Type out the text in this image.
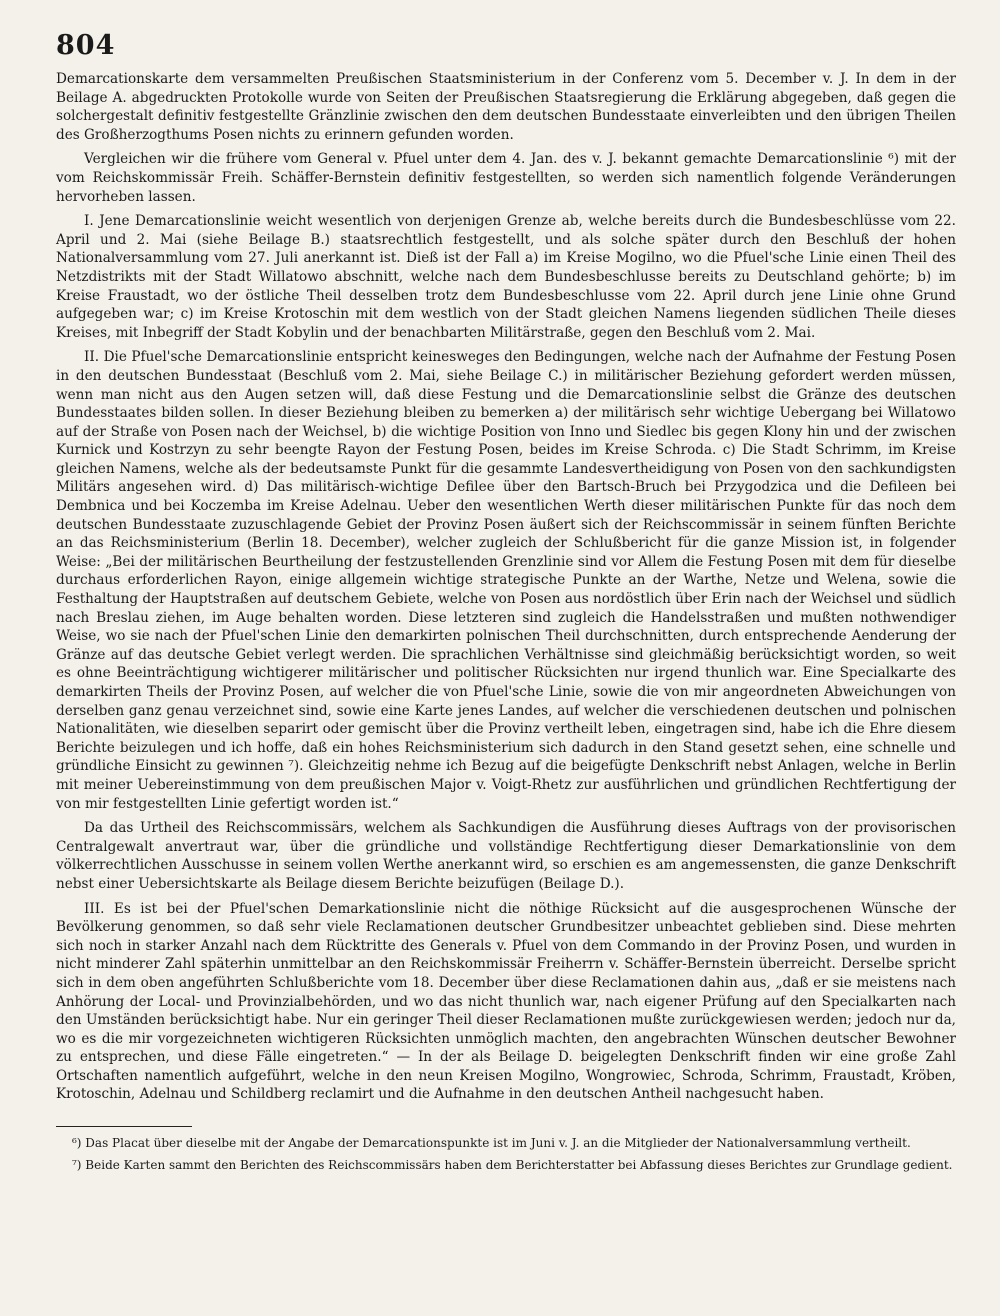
804

Demarcationskarte dem versammelten Preußischen Staatsministerium in der Conferenz vom 5. December v. J. In dem in der Beilage A. abgedruckten Protokolle wurde von Seiten der Preußischen Staatsregierung die Erklärung abgegeben, daß gegen die solchergestalt definitiv festgestellte Gränzlinie zwischen den dem deutschen Bundesstaate einverleibten und den übrigen Theilen des Großherzogthums Posen nichts zu erinnern gefunden worden.

Vergleichen wir die frühere vom General v. Pfuel unter dem 4. Jan. des v. J. bekannt gemachte Demarcationslinie ⁶) mit der vom Reichskommissär Freih. Schäffer-Bernstein definitiv festgestellten, so werden sich namentlich folgende Veränderungen hervorheben lassen.

I. Jene Demarcationslinie weicht wesentlich von derjenigen Grenze ab, welche bereits durch die Bundesbeschlüsse vom 22. April und 2. Mai (siehe Beilage B.) staatsrechtlich festgestellt, und als solche später durch den Beschluß der hohen Nationalversammlung vom 27. Juli anerkannt ist. Dieß ist der Fall a) im Kreise Mogilno, wo die Pfuel'sche Linie einen Theil des Netzdistrikts mit der Stadt Willatowo abschnitt, welche nach dem Bundesbeschlusse bereits zu Deutschland gehörte; b) im Kreise Fraustadt, wo der östliche Theil desselben trotz dem Bundesbeschlusse vom 22. April durch jene Linie ohne Grund aufgegeben war; c) im Kreise Krotoschin mit dem westlich von der Stadt gleichen Namens liegenden südlichen Theile dieses Kreises, mit Inbegriff der Stadt Kobylin und der benachbarten Militärstraße, gegen den Beschluß vom 2. Mai.

II. Die Pfuel'sche Demarcationslinie entspricht keinesweges den Bedingungen, welche nach der Aufnahme der Festung Posen in den deutschen Bundesstaat (Beschluß vom 2. Mai, siehe Beilage C.) in militärischer Beziehung gefordert werden müssen, wenn man nicht aus den Augen setzen will, daß diese Festung und die Demarcationslinie selbst die Gränze des deutschen Bundesstaates bilden sollen. In dieser Beziehung bleiben zu bemerken a) der militärisch sehr wichtige Uebergang bei Willatowo auf der Straße von Posen nach der Weichsel, b) die wichtige Position von Inno und Siedlec bis gegen Klony hin und der zwischen Kurnick und Kostrzyn zu sehr beengte Rayon der Festung Posen, beides im Kreise Schroda. c) Die Stadt Schrimm, im Kreise gleichen Namens, welche als der bedeutsamste Punkt für die gesammte Landesvertheidigung von Posen von den sachkundigsten Militärs angesehen wird. d) Das militärisch-wichtige Defilee über den Bartsch-Bruch bei Przygodzica und die Defileen bei Dembnica und bei Koczemba im Kreise Adelnau. Ueber den wesentlichen Werth dieser militärischen Punkte für das noch dem deutschen Bundesstaate zuzuschlagende Gebiet der Provinz Posen äußert sich der Reichscommissär in seinem fünften Berichte an das Reichsministerium (Berlin 18. December), welcher zugleich der Schlußbericht für die ganze Mission ist, in folgender Weise: „Bei der militärischen Beurtheilung der festzustellenden Grenzlinie sind vor Allem die Festung Posen mit dem für dieselbe durchaus erforderlichen Rayon, einige allgemein wichtige strategische Punkte an der Warthe, Netze und Welena, sowie die Festhaltung der Hauptstraßen auf deutschem Gebiete, welche von Posen aus nordöstlich über Erin nach der Weichsel und südlich nach Breslau ziehen, im Auge behalten worden. Diese letzteren sind zugleich die Handelsstraßen und mußten nothwendiger Weise, wo sie nach der Pfuel'schen Linie den demarkirten polnischen Theil durchschnitten, durch entsprechende Aenderung der Gränze auf das deutsche Gebiet verlegt werden. Die sprachlichen Verhältnisse sind gleichmäßig berücksichtigt worden, so weit es ohne Beeinträchtigung wichtigerer militärischer und politischer Rücksichten nur irgend thunlich war. Eine Specialkarte des demarkirten Theils der Provinz Posen, auf welcher die von Pfuel'sche Linie, sowie die von mir angeordneten Abweichungen von derselben ganz genau verzeichnet sind, sowie eine Karte jenes Landes, auf welcher die verschiedenen deutschen und polnischen Nationalitäten, wie dieselben separirt oder gemischt über die Provinz vertheilt leben, eingetragen sind, habe ich die Ehre diesem Berichte beizulegen und ich hoffe, daß ein hohes Reichsministerium sich dadurch in den Stand gesetzt sehen, eine schnelle und gründliche Einsicht zu gewinnen ⁷). Gleichzeitig nehme ich Bezug auf die beigefügte Denkschrift nebst Anlagen, welche in Berlin mit meiner Uebereinstimmung von dem preußischen Major v. Voigt-Rhetz zur ausführlichen und gründlichen Rechtfertigung der von mir festgestellten Linie gefertigt worden ist.“

Da das Urtheil des Reichscommissärs, welchem als Sachkundigen die Ausführung dieses Auftrags von der provisorischen Centralgewalt anvertraut war, über die gründliche und vollständige Rechtfertigung dieser Demarkationslinie von dem völkerrechtlichen Ausschusse in seinem vollen Werthe anerkannt wird, so erschien es am angemessensten, die ganze Denkschrift nebst einer Uebersichtskarte als Beilage diesem Berichte beizufügen (Beilage D.).

III. Es ist bei der Pfuel'schen Demarkationslinie nicht die nöthige Rücksicht auf die ausgesprochenen Wünsche der Bevölkerung genommen, so daß sehr viele Reclamationen deutscher Grundbesitzer unbeachtet geblieben sind. Diese mehrten sich noch in starker Anzahl nach dem Rücktritte des Generals v. Pfuel von dem Commando in der Provinz Posen, und wurden in nicht minderer Zahl späterhin unmittelbar an den Reichskommissär Freiherrn v. Schäffer-Bernstein überreicht. Derselbe spricht sich in dem oben angeführten Schlußberichte vom 18. December über diese Reclamationen dahin aus, „daß er sie meistens nach Anhörung der Local- und Provinzialbehörden, und wo das nicht thunlich war, nach eigener Prüfung auf den Specialkarten nach den Umständen berücksichtigt habe. Nur ein geringer Theil dieser Reclamationen mußte zurückgewiesen werden; jedoch nur da, wo es die mir vorgezeichneten wichtigeren Rücksichten unmöglich machten, den angebrachten Wünschen deutscher Bewohner zu entsprechen, und diese Fälle eingetreten.“ — In der als Beilage D. beigelegten Denkschrift finden wir eine große Zahl Ortschaften namentlich aufgeführt, welche in den neun Kreisen Mogilno, Wongrowiec, Schroda, Schrimm, Fraustadt, Kröben, Krotoschin, Adelnau und Schildberg reclamirt und die Aufnahme in den deutschen Antheil nachgesucht haben.

⁶) Das Placat über dieselbe mit der Angabe der Demarcationspunkte ist im Juni v. J. an die Mitglieder der Nationalversammlung vertheilt.

⁷) Beide Karten sammt den Berichten des Reichscommissärs haben dem Berichterstatter bei Abfassung dieses Berichtes zur Grundlage gedient.
